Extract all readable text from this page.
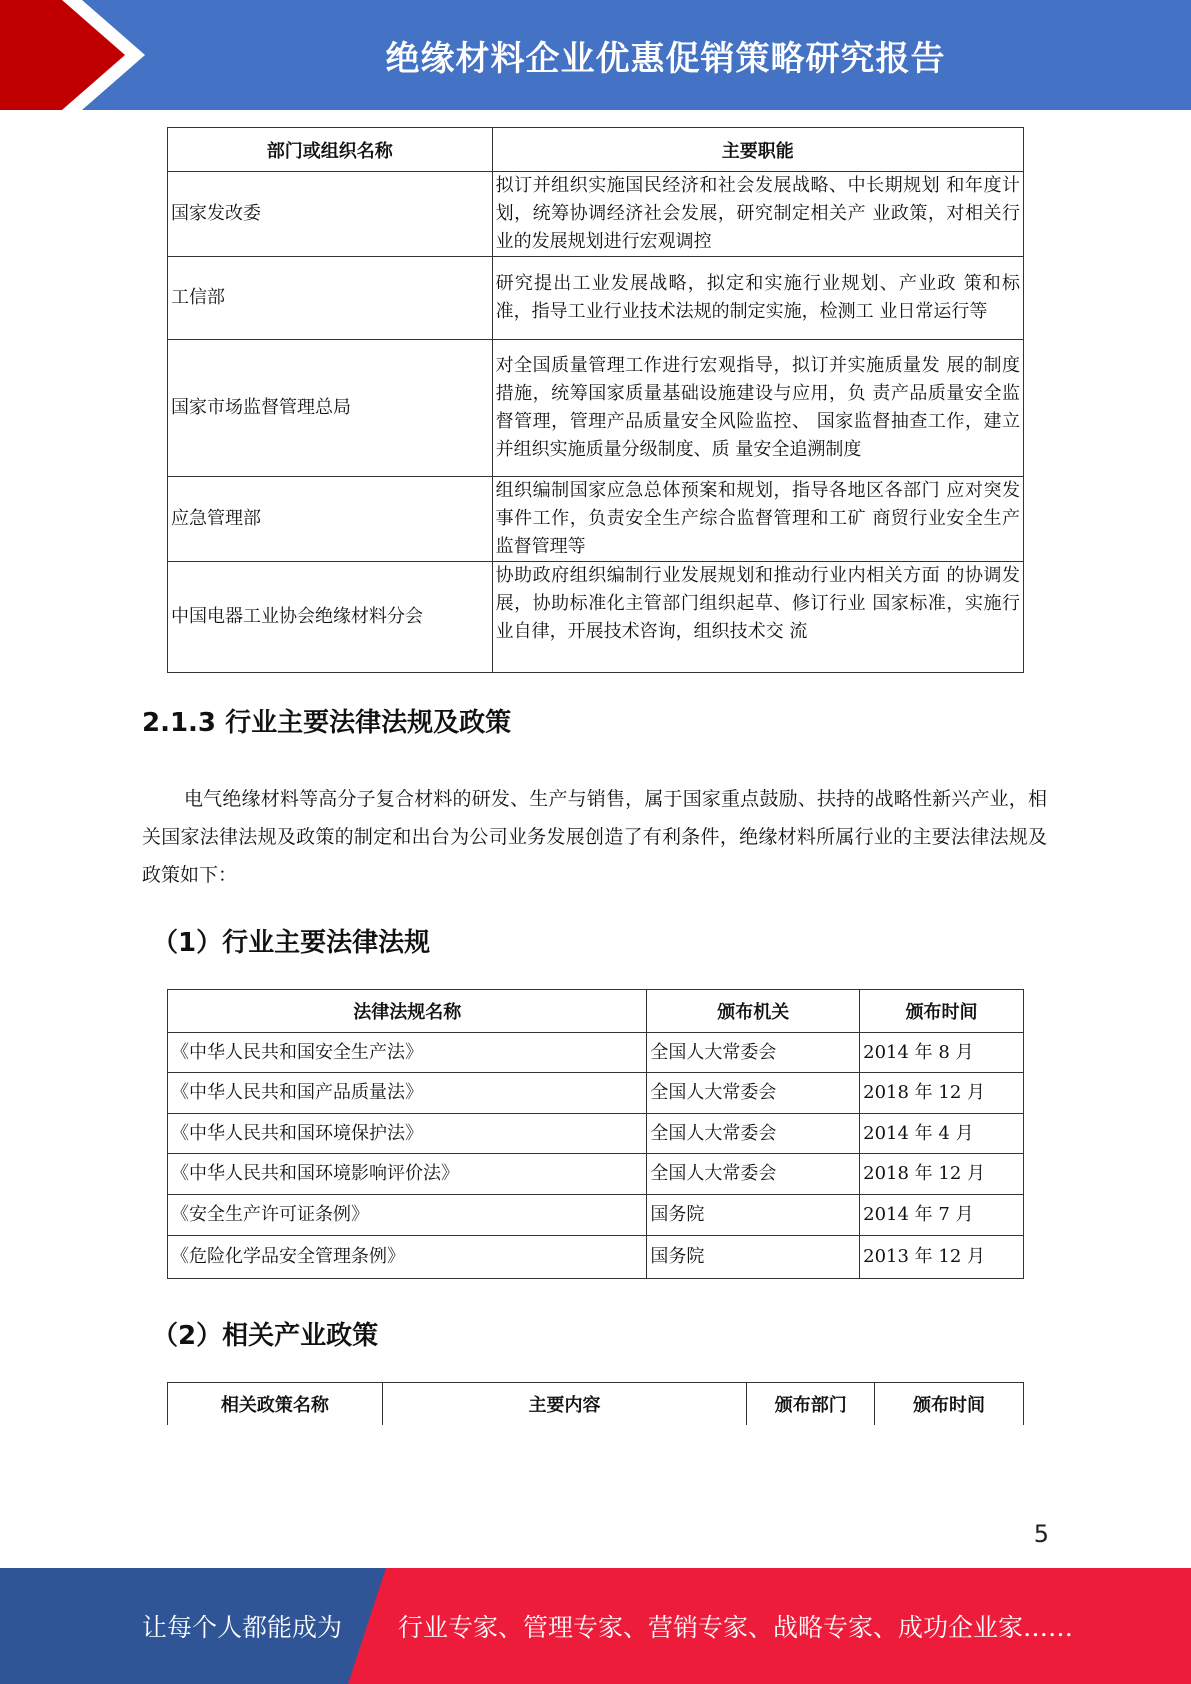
绝缘材料企业优惠促销策略研究报告
部门或组织名称	主要职能
国家发改委	拟订并组织实施国民经济和社会发展战略、中长期规划 和年度计划，统筹协调经济社会发展，研究制定相关产 业政策，对相关行业的发展规划进行宏观调控
工信部	研究提出工业发展战略，拟定和实施行业规划、产业政 策和标准，指导工业行业技术法规的制定实施，检测工 业日常运行等
国家市场监督管理总局	对全国质量管理工作进行宏观指导，拟订并实施质量发 展的制度措施，统筹国家质量基础设施建设与应用，负 责产品质量安全监督管理，管理产品质量安全风险监控、 国家监督抽查工作，建立并组织实施质量分级制度、质 量安全追溯制度
应急管理部	组织编制国家应急总体预案和规划，指导各地区各部门 应对突发事件工作，负责安全生产综合监督管理和工矿 商贸行业安全生产监督管理等
中国电器工业协会绝缘材料分会	协助政府组织编制行业发展规划和推动行业内相关方面 的协调发展，协助标准化主管部门组织起草、修订行业 国家标准，实施行业自律，开展技术咨询，组织技术交 流
2.1.3 行业主要法律法规及政策

电气绝缘材料等高分子复合材料的研发、生产与销售，属于国家重点鼓励、扶持的战略性新兴产业，相关国家法律法规及政策的制定和出台为公司业务发展创造了有利条件，绝缘材料所属行业的主要法律法规及政策如下：

（1）行业主要法律法规
法律法规名称	颁布机关	颁布时间
《中华人民共和国安全生产法》	全国人大常委会	2014 年 8 月
《中华人民共和国产品质量法》	全国人大常委会	2018 年 12 月
《中华人民共和国环境保护法》	全国人大常委会	2014 年 4 月
《中华人民共和国环境影响评价法》	全国人大常委会	2018 年 12 月
《安全生产许可证条例》	国务院	2014 年 7 月
《危险化学品安全管理条例》	国务院	2013 年 12 月
（2）相关产业政策
相关政策名称	主要内容	颁布部门	颁布时间
5
让每个人都能成为 行业专家、管理专家、营销专家、战略专家、成功企业家……
